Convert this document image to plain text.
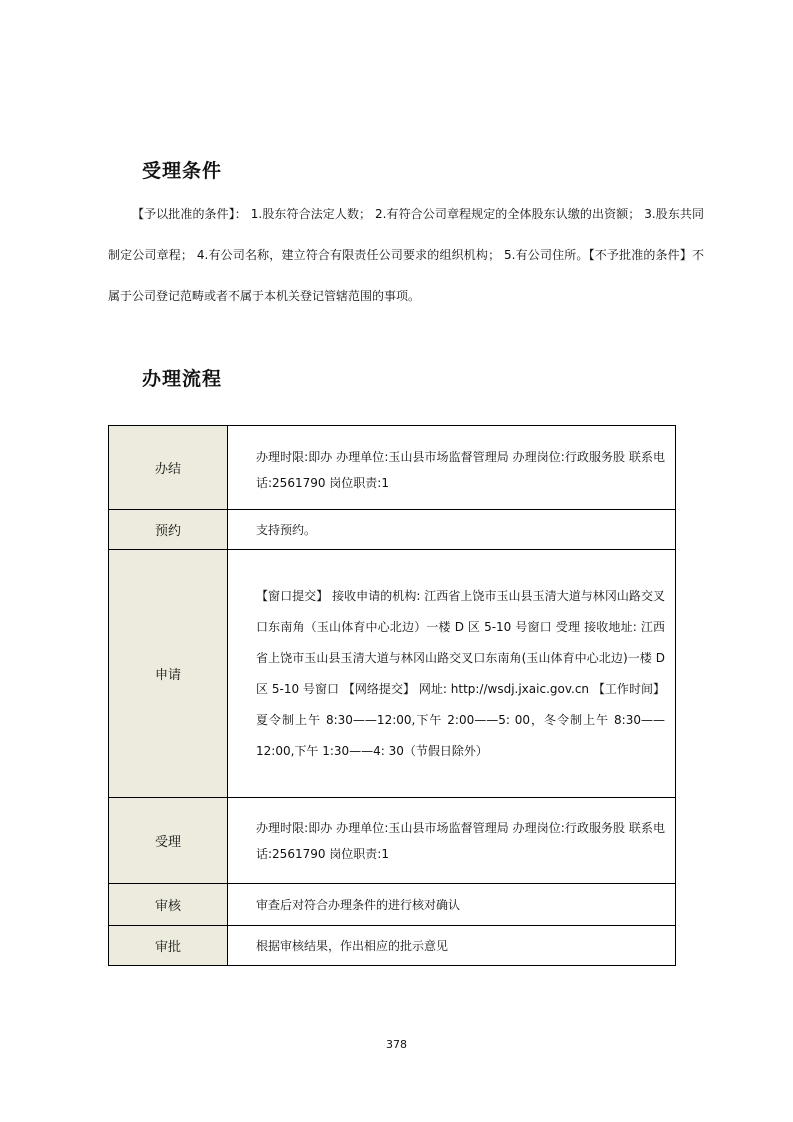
受理条件

【予以批准的条件】： 1.股东符合法定人数； 2.有符合公司章程规定的全体股东认缴的出资额； 3.股东共同制定公司章程； 4.有公司名称，建立符合有限责任公司要求的组织机构； 5.有公司住所。【不予批准的条件】不属于公司登记范畴或者不属于本机关登记管辖范围的事项。

办理流程
办结	办理时限:即办 办理单位:玉山县市场监督管理局 办理岗位:行政服务股 联系电话:2561790 岗位职责:1

预约	支持预约。

申请	【窗口提交】 接收申请的机构: 江西省上饶市玉山县玉清大道与林冈山路交叉口东南角（玉山体育中心北边）一楼 D 区 5-10 号窗口 受理 接收地址: 江西省上饶市玉山县玉清大道与林冈山路交叉口东南角(玉山体育中心北边)一楼 D 区 5-10 号窗口 【网络提交】 网址: http://wsdj.jxaic.gov.cn 【工作时间】 夏令制上午 8:30——12:00,下午 2:00——5: 00，冬令制上午 8:30——12:00,下午 1:30——4: 30（节假日除外）

受理	办理时限:即办 办理单位:玉山县市场监督管理局 办理岗位:行政服务股 联系电话:2561790 岗位职责:1

审核	审查后对符合办理条件的进行核对确认

审批	根据审核结果，作出相应的批示意见
378
